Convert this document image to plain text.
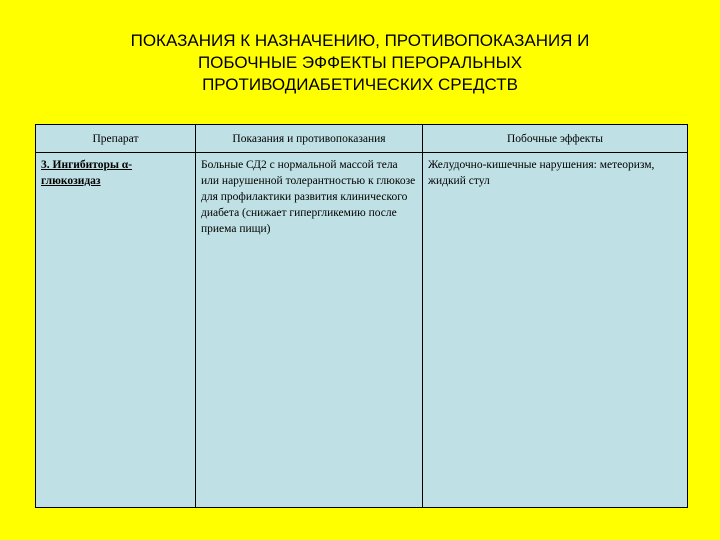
ПОКАЗАНИЯ К НАЗНАЧЕНИЮ, ПРОТИВОПОКАЗАНИЯ И
ПОБОЧНЫЕ ЭФФЕКТЫ ПЕРОРАЛЬНЫХ
ПРОТИВОДИАБЕТИЧЕСКИХ СРЕДСТВ
Препарат	Показания и противопоказания	Побочные эффекты
3. Ингибиторы α-глюкозидаз	Больные СД2 с нормальной массой тела или нарушенной толерантностью к глюкозе для профилактики развития клинического диабета (снижает гипергликемию после приема пищи)	Желудочно-кишечные нарушения: метеоризм, жидкий стул
